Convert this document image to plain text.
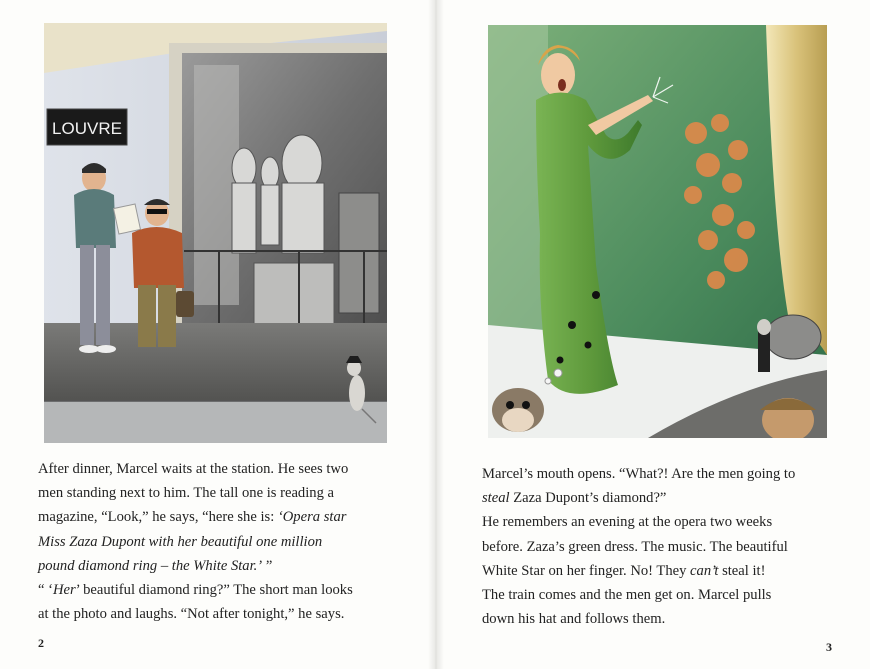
LOUVRE
After dinner, Marcel waits at the station. He sees two
men standing next to him. The tall one is reading a
magazine, “Look,” he says, “here she is: ‘Opera star
Miss Zaza Dupont with her beautiful one million
pound diamond ring – the White Star.’ ”
“ ‘Her’ beautiful diamond ring?” The short man looks
at the photo and laughs. “Not after tonight,” he says.
2
Marcel’s mouth opens. “What?! Are the men going to
steal Zaza Dupont’s diamond?”
He remembers an evening at the opera two weeks
before. Zaza’s green dress. The music. The beautiful
White Star on her finger. No! They can’t steal it!
The train comes and the men get on. Marcel pulls
down his hat and follows them.
3
